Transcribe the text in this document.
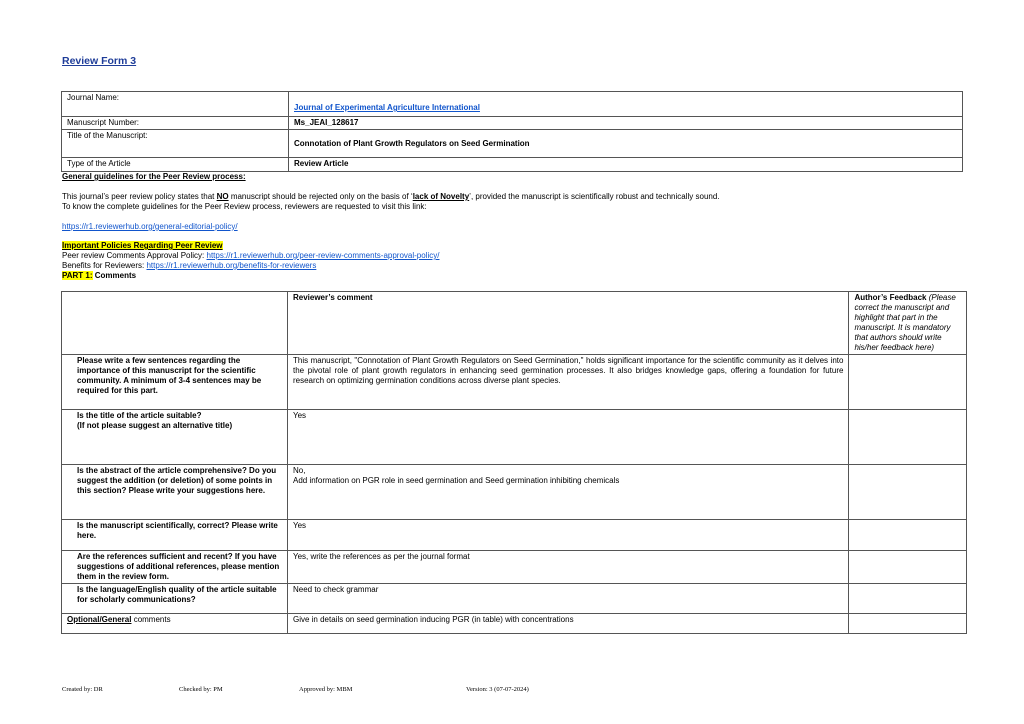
Review Form 3
Journal Name:	Journal of Experimental Agriculture International
Manuscript Number:	Ms_JEAI_128617
Title of the Manuscript:	Connotation of Plant Growth Regulators on Seed Germination
Type of the Article	Review Article
General guidelines for the Peer Review process:
This journal’s peer review policy states that NO manuscript should be rejected only on the basis of ‘lack of Novelty’, provided the manuscript is scientifically robust and technically sound.
To know the complete guidelines for the Peer Review process, reviewers are requested to visit this link:
https://r1.reviewerhub.org/general-editorial-policy/
Important Policies Regarding Peer Review
Peer review Comments Approval Policy: https://r1.reviewerhub.org/peer-review-comments-approval-policy/
Benefits for Reviewers: https://r1.reviewerhub.org/benefits-for-reviewers
PART 1: Comments
	Reviewer’s comment	Author’s Feedback (Please correct the manuscript and highlight that part in the manuscript. It is mandatory that authors should write his/her feedback here)

Please write a few sentences regarding the importance of this manuscript for the scientific community. A minimum of 3-4 sentences may be required for this part.	This manuscript, "Connotation of Plant Growth Regulators on Seed Germination," holds significant importance for the scientific community as it delves into the pivotal role of plant growth regulators in enhancing seed germination processes. It also bridges knowledge gaps, offering a foundation for future research on optimizing germination conditions across diverse plant species.	

Is the title of the article suitable?
(If not please suggest an alternative title)	Yes	

Is the abstract of the article comprehensive? Do you suggest the addition (or deletion) of some points in this section? Please write your suggestions here.	No,
Add information on PGR role in seed germination and Seed germination inhibiting chemicals	

Is the manuscript scientifically, correct? Please write here.	Yes	

Are the references sufficient and recent? If you have suggestions of additional references, please mention them in the review form.	Yes, write the references as per the journal format	

Is the language/English quality of the article suitable for scholarly communications?	Need to check grammar	
Optional/General comments	Give in details on seed germination inducing PGR (in table) with concentrations	
Created by: DR	Checked by: PM	Approved by: MBM	Version: 3 (07-07-2024)
